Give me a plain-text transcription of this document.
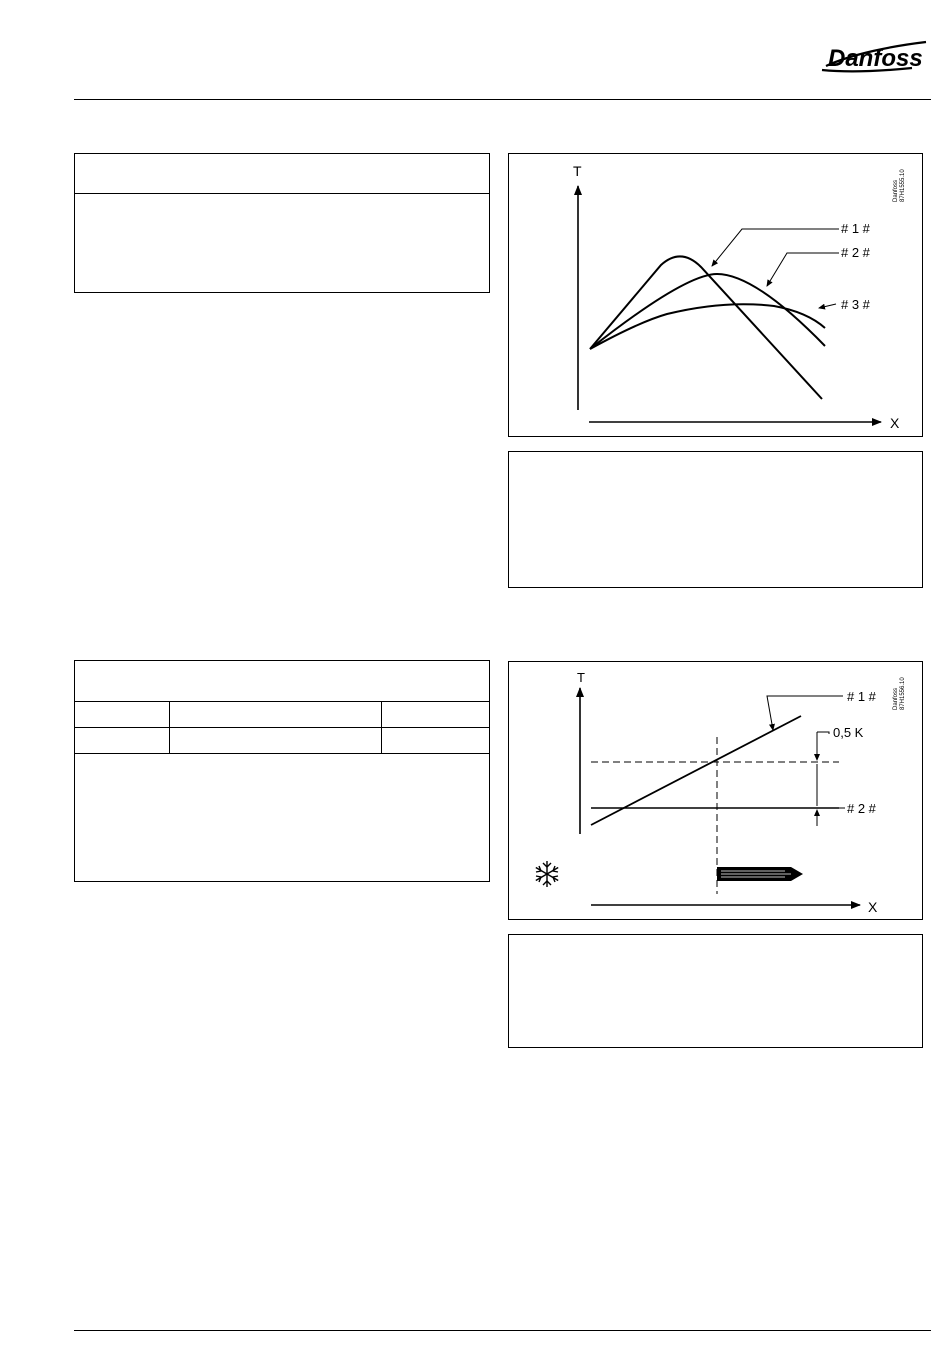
Danfoss
T
X
Danfoss 87H1555.10
# 1 #
# 2 #
# 3 #
T
X
Danfoss 87H1556.10
# 1 #
# 2 #
0,5 K
